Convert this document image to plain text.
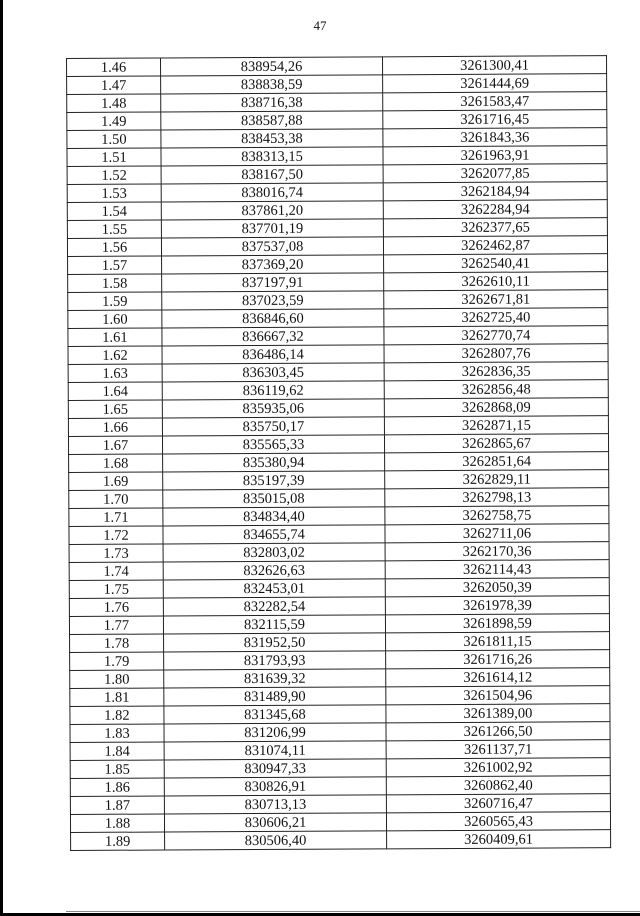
47
1.46	838954,26	3261300,41
1.47	838838,59	3261444,69
1.48	838716,38	3261583,47
1.49	838587,88	3261716,45
1.50	838453,38	3261843,36
1.51	838313,15	3261963,91
1.52	838167,50	3262077,85
1.53	838016,74	3262184,94
1.54	837861,20	3262284,94
1.55	837701,19	3262377,65
1.56	837537,08	3262462,87
1.57	837369,20	3262540,41
1.58	837197,91	3262610,11
1.59	837023,59	3262671,81
1.60	836846,60	3262725,40
1.61	836667,32	3262770,74
1.62	836486,14	3262807,76
1.63	836303,45	3262836,35
1.64	836119,62	3262856,48
1.65	835935,06	3262868,09
1.66	835750,17	3262871,15
1.67	835565,33	3262865,67
1.68	835380,94	3262851,64
1.69	835197,39	3262829,11
1.70	835015,08	3262798,13
1.71	834834,40	3262758,75
1.72	834655,74	3262711,06
1.73	832803,02	3262170,36
1.74	832626,63	3262114,43
1.75	832453,01	3262050,39
1.76	832282,54	3261978,39
1.77	832115,59	3261898,59
1.78	831952,50	3261811,15
1.79	831793,93	3261716,26
1.80	831639,32	3261614,12
1.81	831489,90	3261504,96
1.82	831345,68	3261389,00
1.83	831206,99	3261266,50
1.84	831074,11	3261137,71
1.85	830947,33	3261002,92
1.86	830826,91	3260862,40
1.87	830713,13	3260716,47
1.88	830606,21	3260565,43
1.89	830506,40	3260409,61
